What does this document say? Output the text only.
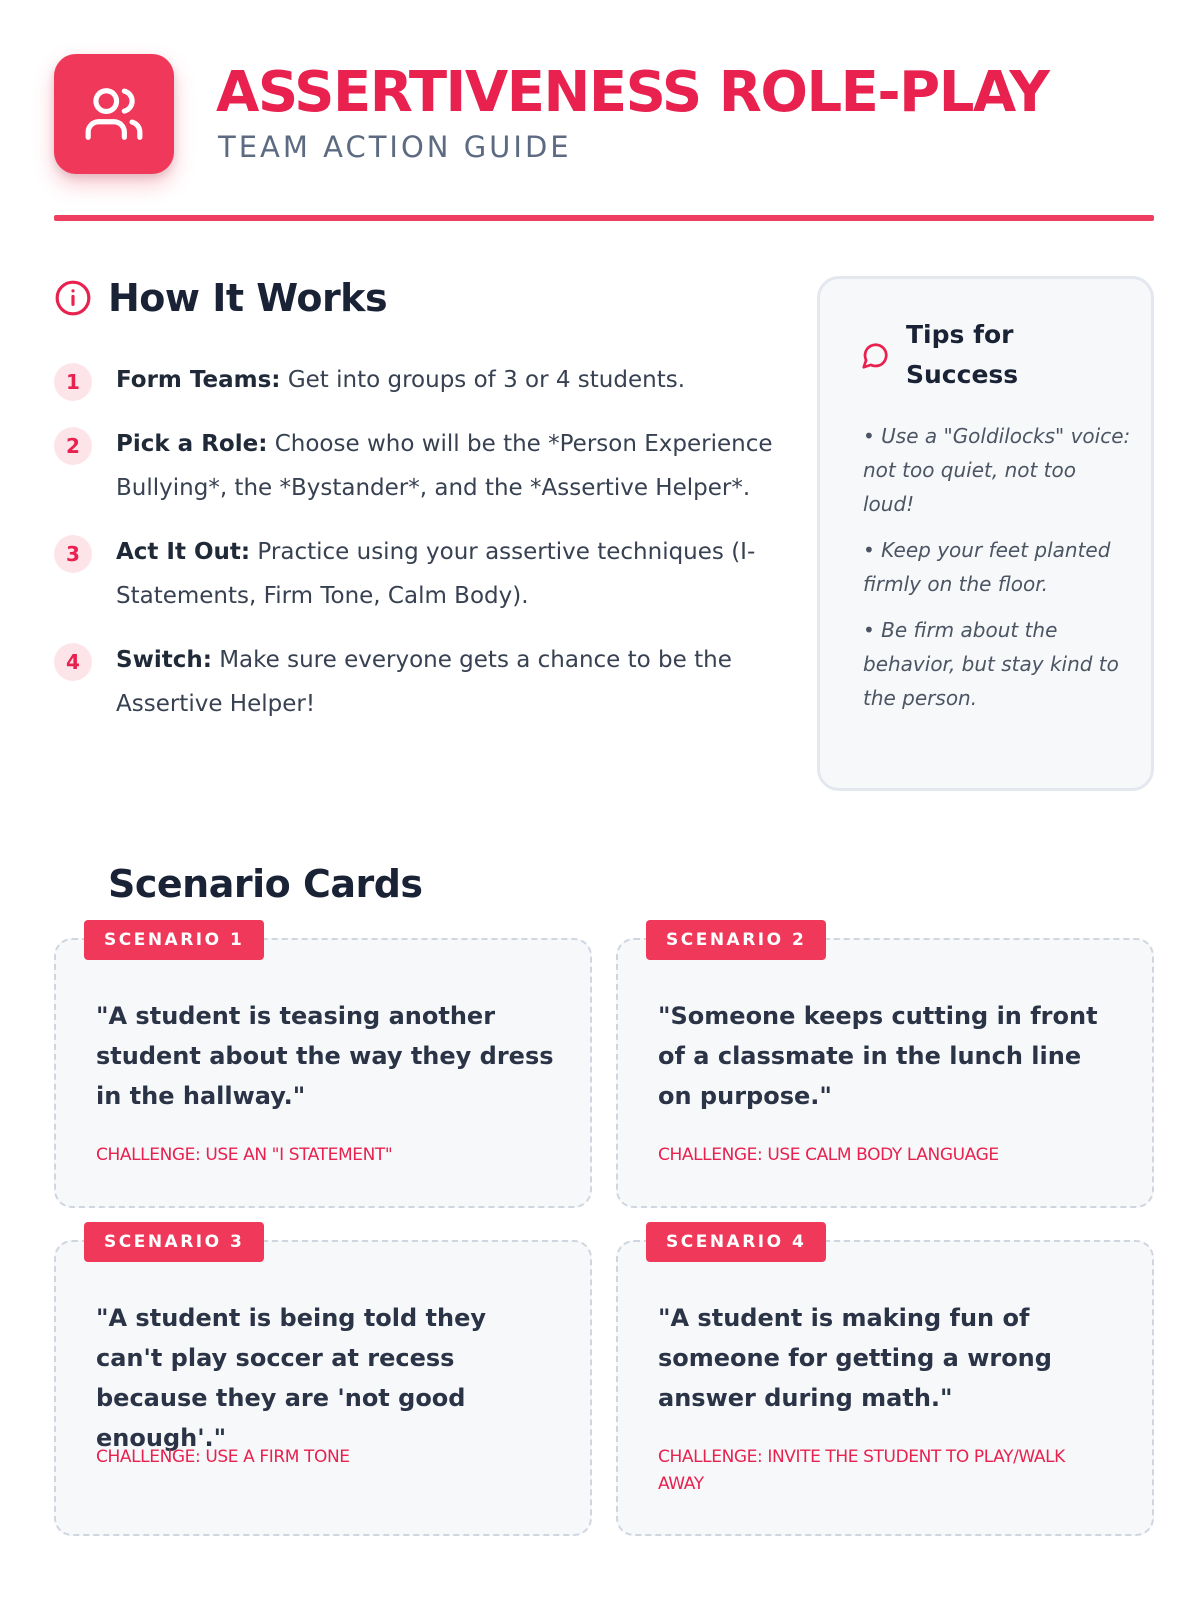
ASSERTIVENESS ROLE-PLAY
TEAM ACTION GUIDE
How It Works
1	Form Teams: Get into groups of 3 or 4 students.
2	Pick a Role: Choose who will be the *Person Experience Bullying*, the *Bystander*, and the *Assertive Helper*.
3	Act It Out: Practice using your assertive techniques (I-Statements, Firm Tone, Calm Body).
4	Switch: Make sure everyone gets a chance to be the Assertive Helper!
Tips for Success

• Use a "Goldilocks" voice: not too quiet, not too loud!

• Keep your feet planted firmly on the floor.

• Be firm about the behavior, but stay kind to the person.

Scenario Cards
SCENARIO 1
"A student is teasing another student about the way they dress in the hallway."
CHALLENGE: USE AN "I STATEMENT"
SCENARIO 2
"Someone keeps cutting in front of a classmate in the lunch line on purpose."
CHALLENGE: USE CALM BODY LANGUAGE
SCENARIO 3
"A student is being told they can't play soccer at recess because they are 'not good enough'."
CHALLENGE: USE A FIRM TONE
SCENARIO 4
"A student is making fun of someone for getting a wrong answer during math."
CHALLENGE: INVITE THE STUDENT TO PLAY/WALK AWAY
